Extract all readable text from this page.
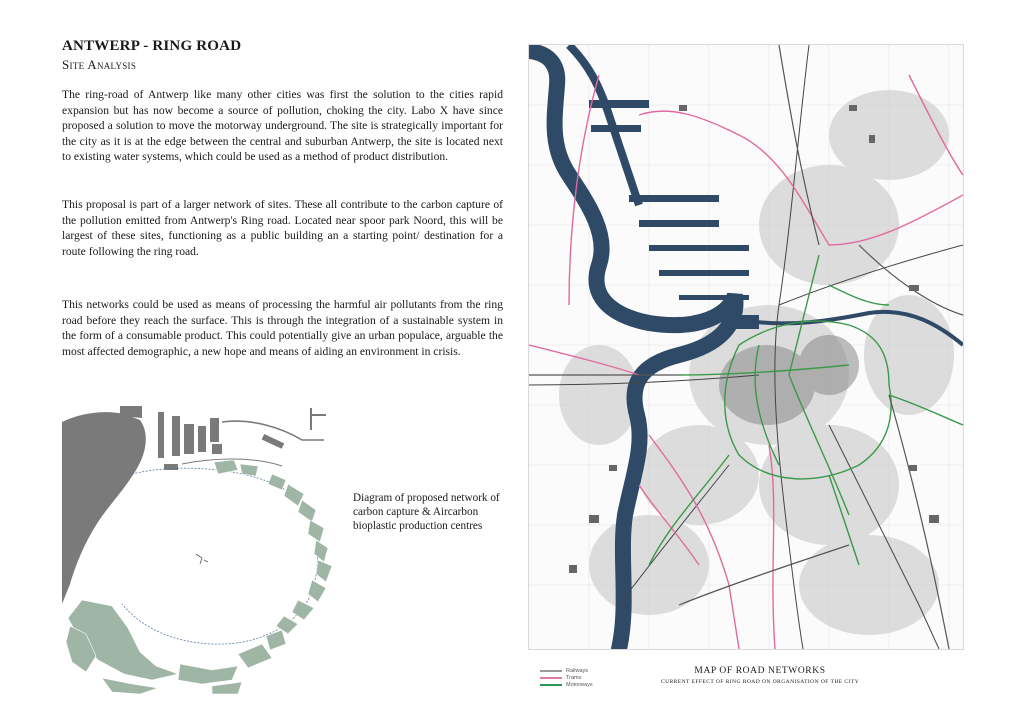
ANTWERP - RING ROAD
Site Analysis

The ring-road of Antwerp like many other cities was first the solution to the cities rapid expansion but has now become a source of pollution, choking the city. Labo X have since proposed a solution to move the motorway underground. The site is strategically important for the city as it is at the edge between the central and suburban Antwerp, the site is located next to existing water systems, which could be used as a method of product distribution.

This proposal is part of a larger network of sites. These all contribute to the carbon capture of the pollution emitted from Antwerp's Ring road. Located near spoor park Noord, this will be largest of these sites, functioning as a public building an a starting point/ destination for a route following the ring road.

This networks could be used as means of processing the harmful air pollutants from the ring road before they reach the surface. This is through the integration of a sustainable system in the form of a consumable product. This could potentially give an urban populace, arguable the most affected demographic, a new hope and means of aiding an environment in crisis.

Diagram of proposed network of carbon capture & Aircarbon bioplastic production centres

Railways
Trams
Motorways
MAP OF ROAD NETWORKS
CURRENT EFFECT OF RING ROAD ON ORGANISATION OF THE CITY
